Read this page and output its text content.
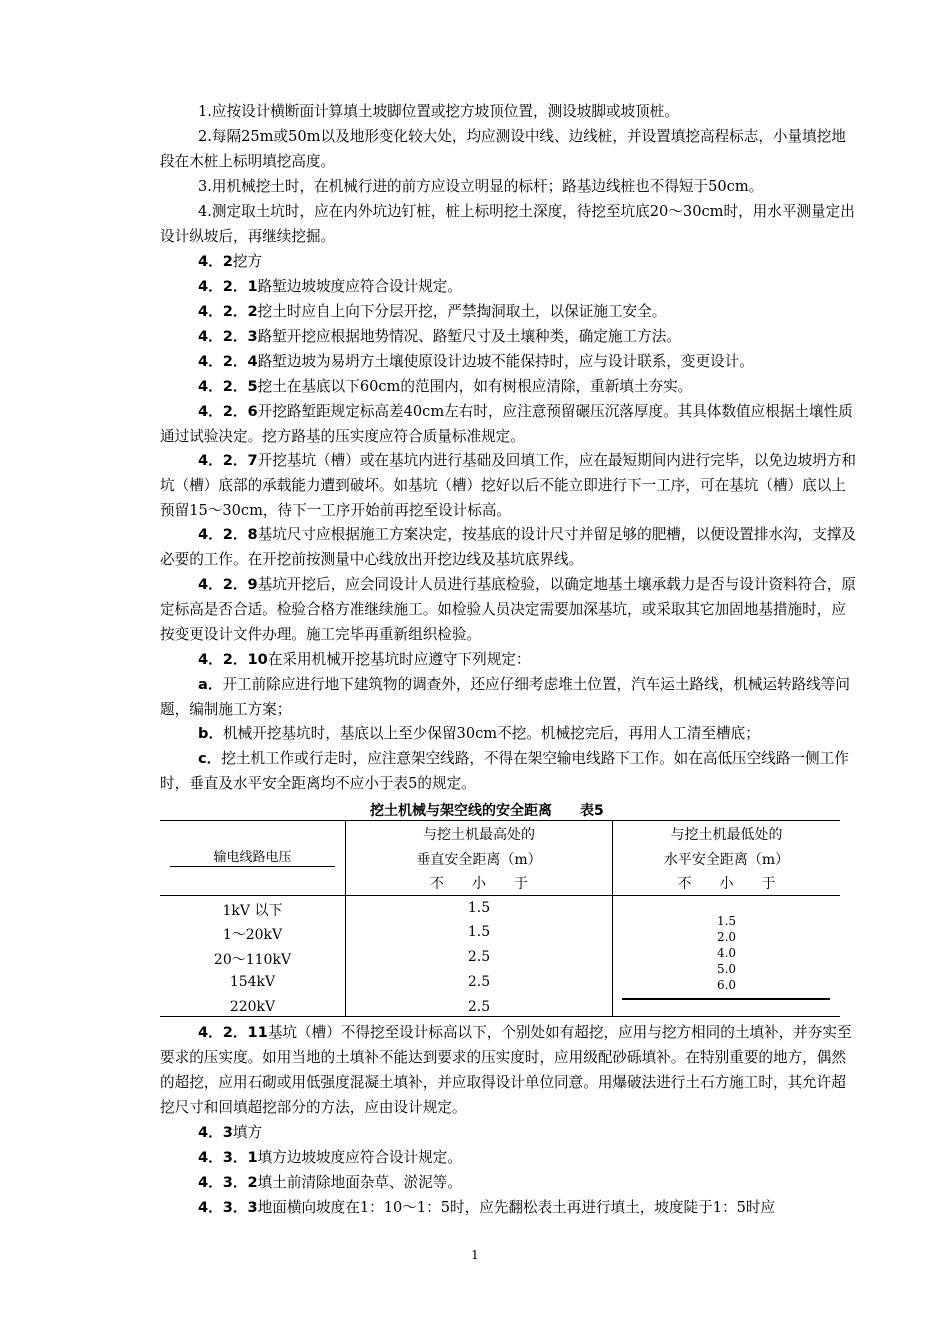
1.应按设计横断面计算填土坡脚位置或挖方坡顶位置，测设坡脚或坡顶桩。
2.每隔25m或50m以及地形变化较大处，均应测设中线、边线桩，并设置填挖高程标志，小量填挖地段在木桩上标明填挖高度。
3.用机械挖土时，在机械行进的前方应设立明显的标杆；路基边线桩也不得短于50cm。
4.测定取土坑时，应在内外坑边钉桩，桩上标明挖土深度，待挖至坑底20～30cm时，用水平测量定出设计纵坡后，再继续挖掘。
4．2挖方
4．2．1路堑边坡坡度应符合设计规定。
4．2．2挖土时应自上向下分层开挖，严禁掏洞取土，以保证施工安全。
4．2．3路堑开挖应根据地势情况、路堑尺寸及土壤种类，确定施工方法。
4．2．4路堑边坡为易坍方土壤使原设计边坡不能保持时，应与设计联系，变更设计。
4．2．5挖土在基底以下60cm的范围内，如有树根应清除，重新填土夯实。
4．2．6开挖路堑距规定标高差40cm左右时，应注意预留碾压沉落厚度。其具体数值应根据土壤性质通过试验决定。挖方路基的压实度应符合质量标准规定。
4．2．7开挖基坑（槽）或在基坑内进行基础及回填工作，应在最短期间内进行完毕，以免边坡坍方和坑（槽）底部的承载能力遭到破坏。如基坑（槽）挖好以后不能立即进行下一工序，可在基坑（槽）底以上预留15～30cm，待下一工序开始前再挖至设计标高。
4．2．8基坑尺寸应根据施工方案决定，按基底的设计尺寸并留足够的肥槽，以便设置排水沟，支撑及必要的工作。在开挖前按测量中心线放出开挖边线及基坑底界线。
4．2．9基坑开挖后，应会同设计人员进行基底检验，以确定地基土壤承载力是否与设计资料符合，原定标高是否合适。检验合格方准继续施工。如检验人员决定需要加深基坑，或采取其它加固地基措施时，应按变更设计文件办理。施工完毕再重新组织检验。
4．2．10在采用机械开挖基坑时应遵守下列规定：
a．开工前除应进行地下建筑物的调查外，还应仔细考虑堆土位置，汽车运土路线，机械运转路线等问题，编制施工方案；
b．机械开挖基坑时，基底以上至少保留30cm不挖。机械挖完后，再用人工清至槽底；
c．挖土机工作或行走时，应注意架空线路，不得在架空输电线路下工作。如在高低压空线路一侧工作时，垂直及水平安全距离均不应小于表5的规定。
挖土机械与架空线的安全距离　　表5
输电线路电压
与挖土机最高处的
垂直安全距离（m）
不　　小　　于
与挖土机最低处的
水平安全距离（m）
不　　小　　于
1kV 以下
1～20kV
20～110kV
154kV
220kV
1.5
1.5
2.5
2.5
2.5
1.5
2.0
4.0
5.0
6.0
4．2．11基坑（槽）不得挖至设计标高以下，个别处如有超挖，应用与挖方相同的土填补，并夯实至要求的压实度。如用当地的土填补不能达到要求的压实度时，应用级配砂砾填补。在特别重要的地方，偶然的超挖，应用石砌或用低强度混凝土填补，并应取得设计单位同意。用爆破法进行土石方施工时，其允许超挖尺寸和回填超挖部分的方法，应由设计规定。
4．3填方
4．3．1填方边坡坡度应符合设计规定。
4．3．2填土前清除地面杂草、淤泥等。
4．3．3地面横向坡度在1：10～1：5时，应先翻松表土再进行填土，坡度陡于1：5时应
1
